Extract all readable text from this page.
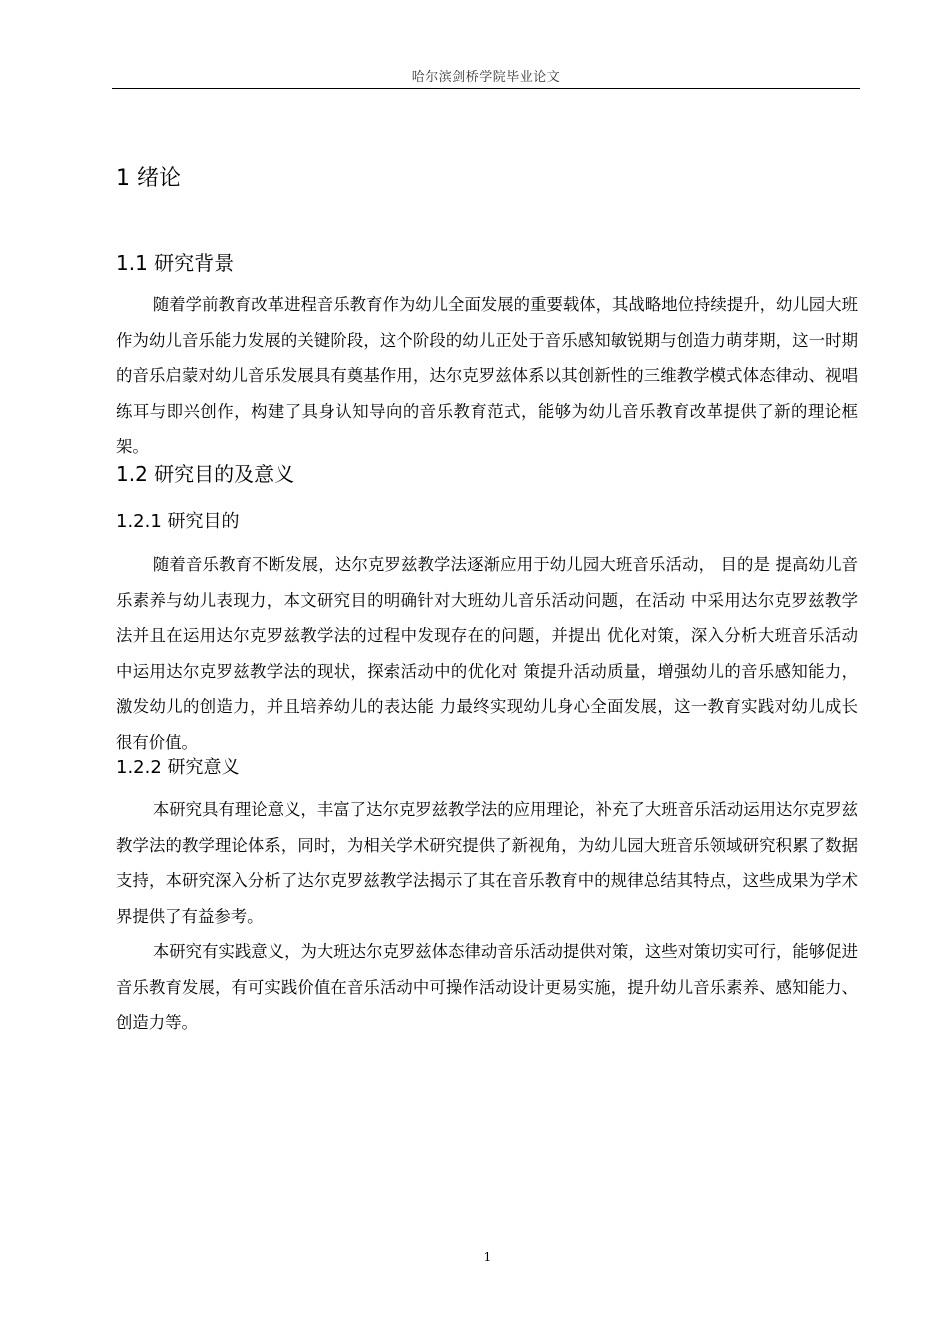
哈尔滨剑桥学院毕业论文
1 绪论
1.1 研究背景

随着学前教育改革进程音乐教育作为幼儿全面发展的重要载体，其战略地位持续提升，幼儿园大班作为幼儿音乐能力发展的关键阶段，这个阶段的幼儿正处于音乐感知敏锐期与创造力萌芽期，这一时期的音乐启蒙对幼儿音乐发展具有奠基作用，达尔克罗兹体系以其创新性的三维教学模式体态律动、视唱练耳与即兴创作，构建了具身认知导向的音乐教育范式，能够为幼儿音乐教育改革提供了新的理论框架。

1.2 研究目的及意义
1.2.1 研究目的

随着音乐教育不断发展，达尔克罗兹教学法逐渐应用于幼儿园大班音乐活动， 目的是 提高幼儿音乐素养与幼儿表现力，本文研究目的明确针对大班幼儿音乐活动问题，在活动 中采用达尔克罗兹教学法并且在运用达尔克罗兹教学法的过程中发现存在的问题，并提出 优化对策，深入分析大班音乐活动中运用达尔克罗兹教学法的现状，探索活动中的优化对 策提升活动质量，增强幼儿的音乐感知能力，激发幼儿的创造力，并且培养幼儿的表达能 力最终实现幼儿身心全面发展，这一教育实践对幼儿成长很有价值。

1.2.2 研究意义

本研究具有理论意义，丰富了达尔克罗兹教学法的应用理论，补充了大班音乐活动运用达尔克罗兹教学法的教学理论体系，同时，为相关学术研究提供了新视角，为幼儿园大班音乐领域研究积累了数据支持，本研究深入分析了达尔克罗兹教学法揭示了其在音乐教育中的规律总结其特点，这些成果为学术界提供了有益参考。

本研究有实践意义，为大班达尔克罗兹体态律动音乐活动提供对策，这些对策切实可行，能够促进音乐教育发展，有可实践价值在音乐活动中可操作活动设计更易实施，提升幼儿音乐素养、感知能力、创造力等。

1
